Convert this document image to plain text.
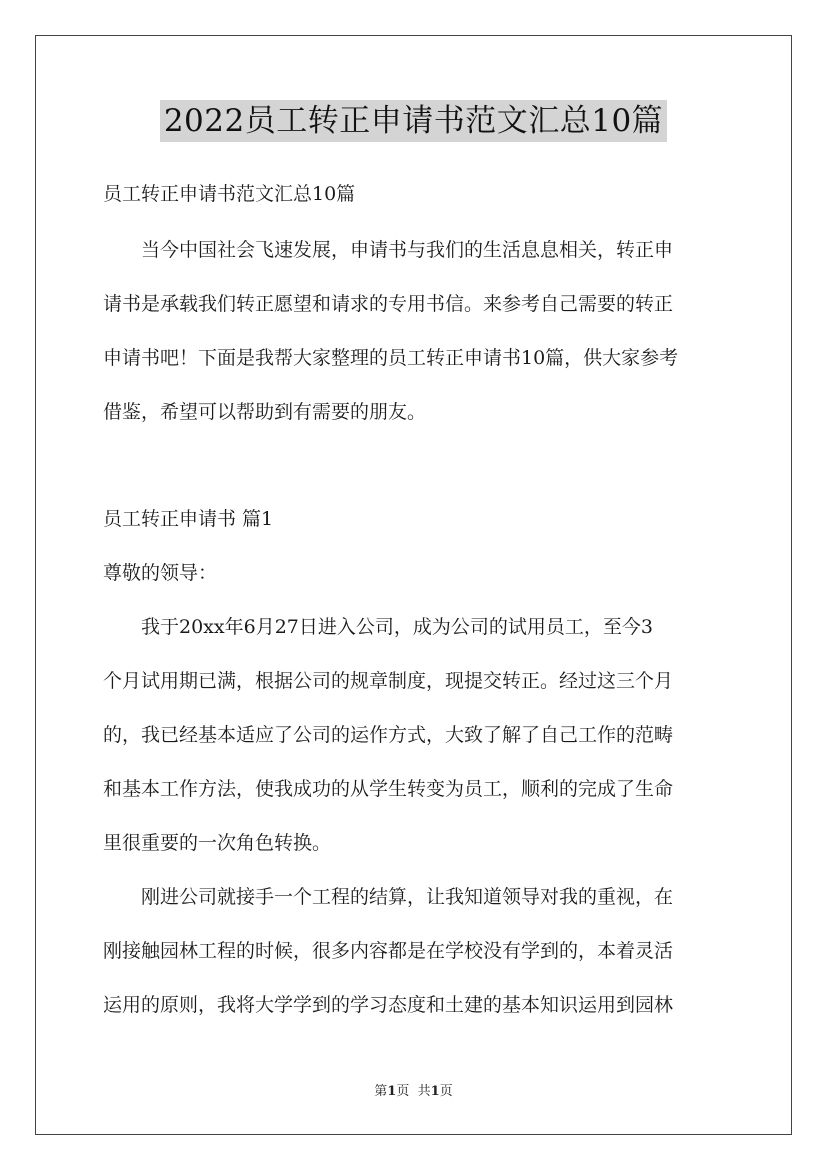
2022员工转正申请书范文汇总10篇

员工转正申请书范文汇总10篇

　　当今中国社会飞速发展，申请书与我们的生活息息相关，转正申

请书是承载我们转正愿望和请求的专用书信。来参考自己需要的转正

申请书吧！下面是我帮大家整理的员工转正申请书10篇，供大家参考

借鉴，希望可以帮助到有需要的朋友。

员工转正申请书 篇1

尊敬的领导：

　　我于20xx年6月27日进入公司，成为公司的试用员工，至今3

个月试用期已满，根据公司的规章制度，现提交转正。经过这三个月

的，我已经基本适应了公司的运作方式，大致了解了自己工作的范畴

和基本工作方法，使我成功的从学生转变为员工，顺利的完成了生命

里很重要的一次角色转换。

　　刚进公司就接手一个工程的结算，让我知道领导对我的重视，在

刚接触园林工程的时候，很多内容都是在学校没有学到的，本着灵活

运用的原则，我将大学学到的学习态度和土建的基本知识运用到园林

第1页 共1页
